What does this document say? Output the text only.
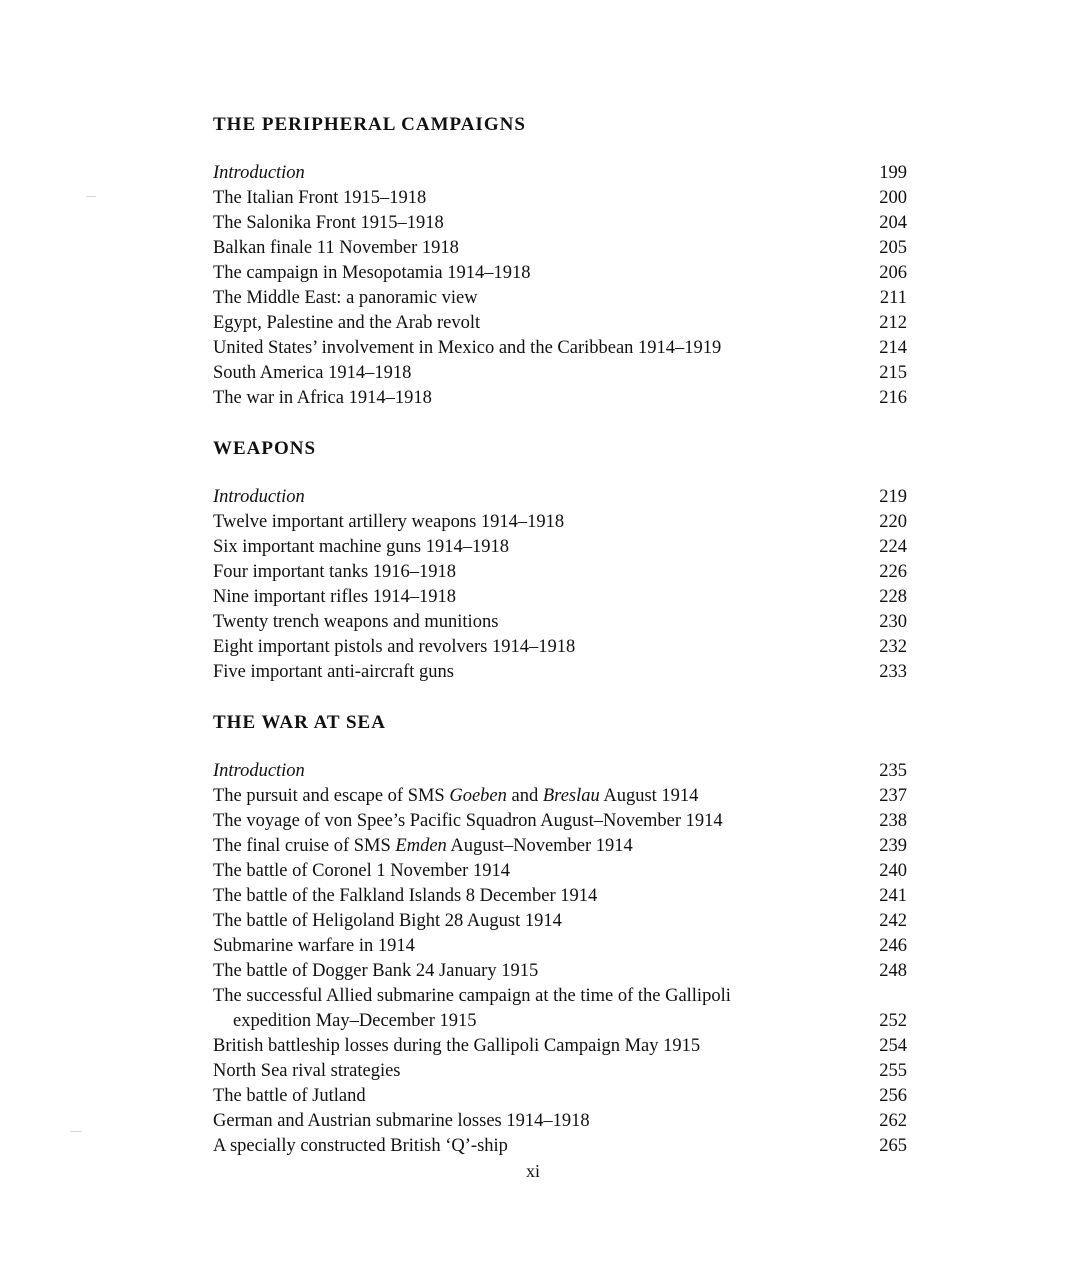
THE PERIPHERAL CAMPAIGNS
Introduction	199
The Italian Front 1915–1918	200
The Salonika Front 1915–1918	204
Balkan finale 11 November 1918	205
The campaign in Mesopotamia 1914–1918	206
The Middle East: a panoramic view	211
Egypt, Palestine and the Arab revolt	212
United States’ involvement in Mexico and the Caribbean 1914–1919	214
South America 1914–1918	215
The war in Africa 1914–1918	216
WEAPONS
Introduction	219
Twelve important artillery weapons 1914–1918	220
Six important machine guns 1914–1918	224
Four important tanks 1916–1918	226
Nine important rifles 1914–1918	228
Twenty trench weapons and munitions	230
Eight important pistols and revolvers 1914–1918	232
Five important anti-aircraft guns	233
THE WAR AT SEA
Introduction	235
The pursuit and escape of SMS Goeben and Breslau August 1914	237
The voyage of von Spee’s Pacific Squadron August–November 1914	238
The final cruise of SMS Emden August–November 1914	239
The battle of Coronel 1 November 1914	240
The battle of the Falkland Islands 8 December 1914	241
The battle of Heligoland Bight 28 August 1914	242
Submarine warfare in 1914	246
The battle of Dogger Bank 24 January 1915	248
The successful Allied submarine campaign at the time of the Gallipoli
expedition May–December 1915	252
British battleship losses during the Gallipoli Campaign May 1915	254
North Sea rival strategies	255
The battle of Jutland	256
German and Austrian submarine losses 1914–1918	262
A specially constructed British ‘Q’-ship	265
xi
